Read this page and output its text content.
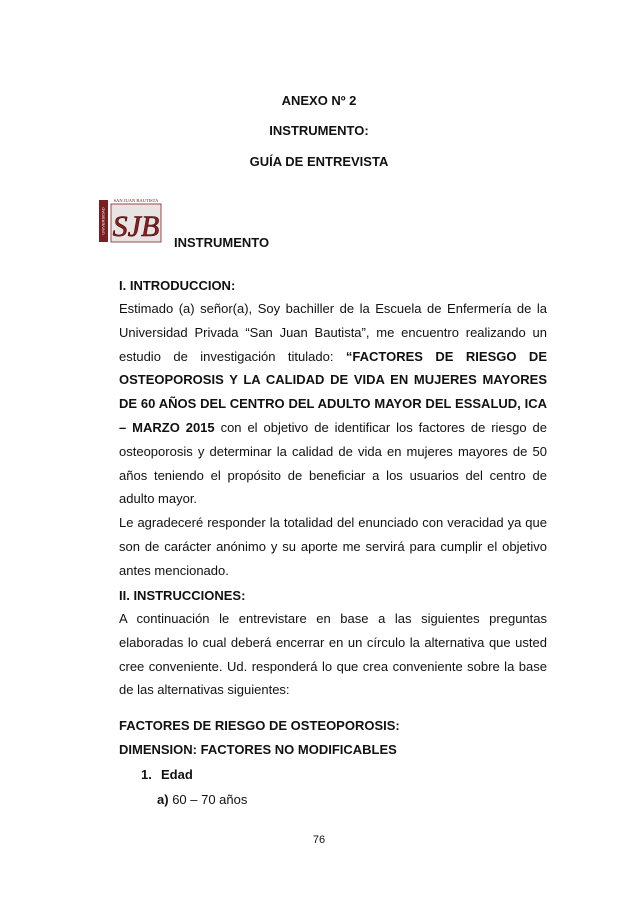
ANEXO Nº 2
INSTRUMENTO:
GUÍA DE ENTREVISTA
UNIVERSIDAD
SAN JUAN BAUTISTA
SJB INSTRUMENTO
I. INTRODUCCION:

Estimado (a) señor(a), Soy bachiller de la Escuela de Enfermería de la Universidad Privada “San Juan Bautista”, me encuentro realizando un estudio de investigación titulado: “FACTORES DE RIESGO DE OSTEOPOROSIS Y LA CALIDAD DE VIDA EN MUJERES MAYORES DE 60 AÑOS DEL CENTRO DEL ADULTO MAYOR DEL ESSALUD, ICA – MARZO 2015 con el objetivo de identificar los factores de riesgo de osteoporosis y determinar la calidad de vida en mujeres mayores de 50 años teniendo el propósito de beneficiar a los usuarios del centro de adulto mayor.

Le agradeceré responder la totalidad del enunciado con veracidad ya que son de carácter anónimo y su aporte me servirá para cumplir el objetivo antes mencionado.

II. INSTRUCCIONES:
A continuación le entrevistare en base a las siguientes preguntas elaboradas lo cual deberá encerrar en un círculo la alternativa que usted cree conveniente. Ud. responderá lo que crea conveniente sobre la base de las alternativas siguientes:
FACTORES DE RIESGO DE OSTEOPOROSIS:
DIMENSION: FACTORES NO MODIFICABLES
1. Edad
a) 60 – 70 años
76
